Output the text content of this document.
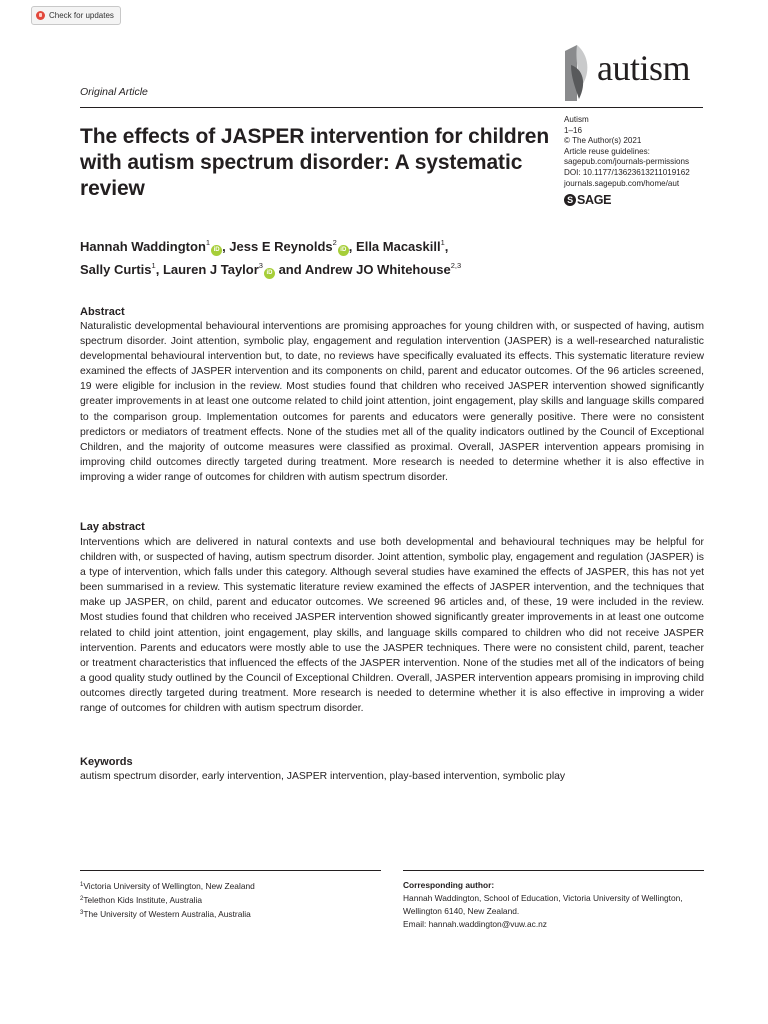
Check for updates
Original Article
autism
Autism
1–16
© The Author(s) 2021
Article reuse guidelines:
sagepub.com/journals-permissions
DOI: 10.1177/13623613211019162
journals.sagepub.com/home/aut
S SAGE
The effects of JASPER intervention for children with autism spectrum disorder: A systematic review
Hannah Waddington$^1$iD , Jess E Reynolds$^2$iD , Ella Macaskill$^1$,
Sally Curtis$^1$, Lauren J Taylor$^3$iD and Andrew JO Whitehouse$^{2,3}$
Abstract
Naturalistic developmental behavioural interventions are promising approaches for young children with, or suspected of having, autism spectrum disorder. Joint attention, symbolic play, engagement and regulation intervention (JASPER) is a well-researched naturalistic developmental behavioural intervention but, to date, no reviews have specifically evaluated its effects. This systematic literature review examined the effects of JASPER intervention and its components on child, parent and educator outcomes. Of the 96 articles screened, 19 were eligible for inclusion in the review. Most studies found that children who received JASPER intervention showed significantly greater improvements in at least one outcome related to child joint attention, joint engagement, play skills and language skills compared to the comparison group. Implementation outcomes for parents and educators were generally positive. There were no consistent predictors or mediators of treatment effects. None of the studies met all of the quality indicators outlined by the Council of Exceptional Children, and the majority of outcome measures were classified as proximal. Overall, JASPER intervention appears promising in improving child outcomes directly targeted during treatment. More research is needed to determine whether it is also effective in improving a wider range of outcomes for children with autism spectrum disorder.
Lay abstract
Interventions which are delivered in natural contexts and use both developmental and behavioural techniques may be helpful for children with, or suspected of having, autism spectrum disorder. Joint attention, symbolic play, engagement and regulation (JASPER) is a type of intervention, which falls under this category. Although several studies have examined the effects of JASPER, this has not yet been summarised in a review. This systematic literature review examined the effects of JASPER intervention, and the techniques that make up JASPER, on child, parent and educator outcomes. We screened 96 articles and, of these, 19 were included in the review. Most studies found that children who received JASPER intervention showed significantly greater improvements in at least one outcome related to child joint attention, joint engagement, play skills, and language skills compared to children who did not receive JASPER intervention. Parents and educators were mostly able to use the JASPER techniques. There were no consistent child, parent, teacher or treatment characteristics that influenced the effects of the JASPER intervention. None of the studies met all of the indicators of being a good quality study outlined by the Council of Exceptional Children. Overall, JASPER intervention appears promising in improving child outcomes directly targeted during treatment. More research is needed to determine whether it is also effective in improving a wider range of outcomes for children with autism spectrum disorder.
Keywords
autism spectrum disorder, early intervention, JASPER intervention, play-based intervention, symbolic play
$^1$Victoria University of Wellington, New Zealand
$^2$Telethon Kids Institute, Australia
$^3$The University of Western Australia, Australia
Corresponding author:
Hannah Waddington, School of Education, Victoria University of Wellington, Wellington 6140, New Zealand.
Email: hannah.waddington@vuw.ac.nz
